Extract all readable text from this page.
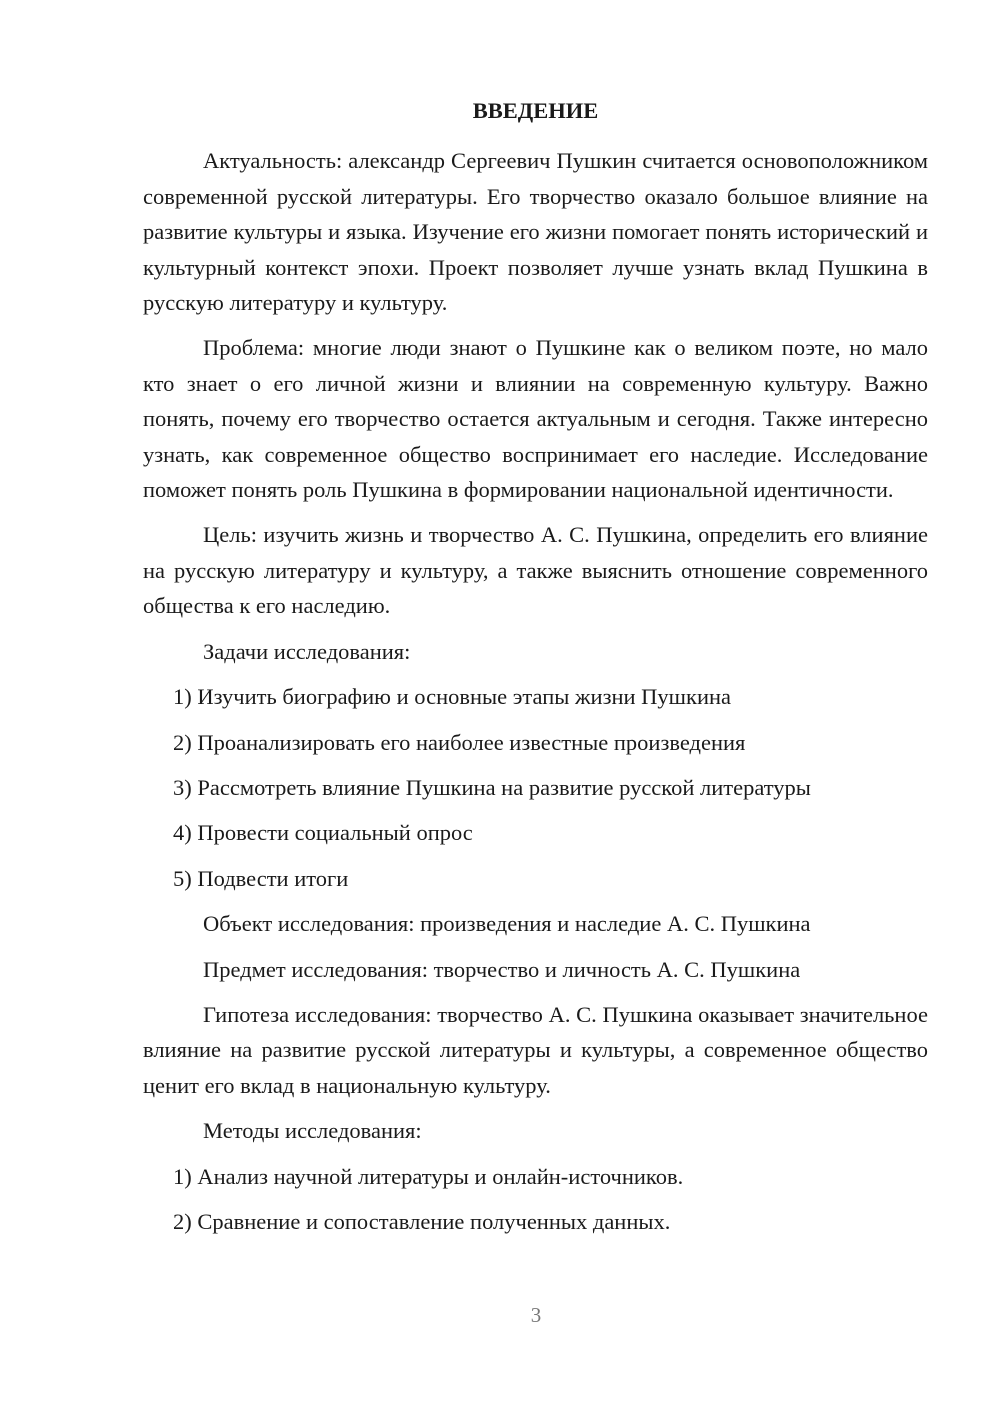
ВВЕДЕНИЕ

Актуальность: александр Сергеевич Пушкин считается основоположником современной русской литературы. Его творчество оказало большое влияние на развитие культуры и языка. Изучение его жизни помогает понять исторический и культурный контекст эпохи. Проект позволяет лучше узнать вклад Пушкина в русскую литературу и культуру.

Проблема: многие люди знают о Пушкине как о великом поэте, но мало кто знает о его личной жизни и влиянии на современную культуру. Важно понять, почему его творчество остается актуальным и сегодня. Также интересно узнать, как современное общество воспринимает его наследие. Исследование поможет понять роль Пушкина в формировании национальной идентичности.

Цель: изучить жизнь и творчество А. С. Пушкина, определить его влияние на русскую литературу и культуру, а также выяснить отношение современного общества к его наследию.

Задачи исследования:

1) Изучить биографию и основные этапы жизни Пушкина
2) Проанализировать его наиболее известные произведения
3) Рассмотреть влияние Пушкина на развитие русской литературы
4) Провести социальный опрос
5) Подвести итоги

Объект исследования: произведения и наследие А. С. Пушкина

Предмет исследования: творчество и личность А. С. Пушкина

Гипотеза исследования: творчество А. С. Пушкина оказывает значительное влияние на развитие русской литературы и культуры, а современное общество ценит его вклад в национальную культуру.

Методы исследования:

1) Анализ научной литературы и онлайн-источников.
2) Сравнение и сопоставление полученных данных.
3
